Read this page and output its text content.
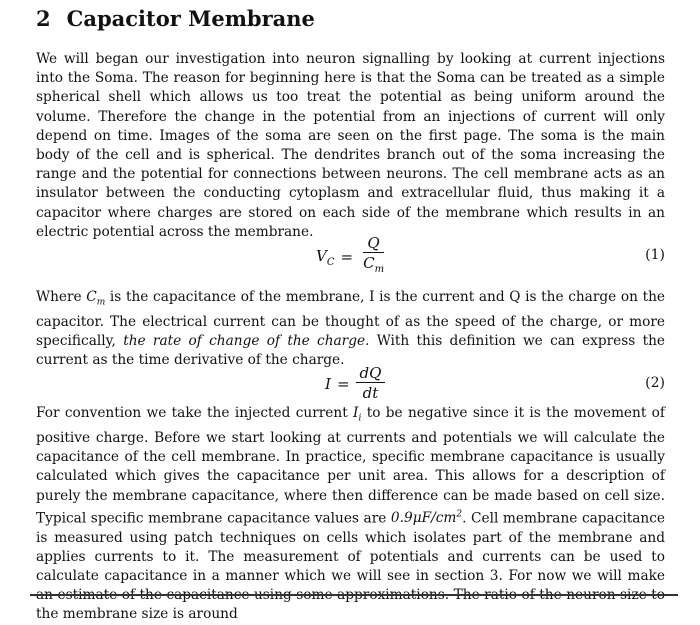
2 Capacitor Membrane

We will began our investigation into neuron signalling by looking at current injections into the Soma. The reason for beginning here is that the Soma can be treated as a simple spherical shell which allows us too treat the potential as being uniform around the volume. Therefore the change in the potential from an injections of current will only depend on time. Images of the soma are seen on the first page. The soma is the main body of the cell and is spherical. The dendrites branch out of the soma increasing the range and the potential for connections between neurons. The cell membrane acts as an insulator between the conducting cytoplasm and extracellular fluid, thus making it a capacitor where charges are stored on each side of the membrane which results in an electric potential across the membrane.

$V_C = \frac{Q}{C_m}$	(1)

Where $C_m$ is the capacitance of the membrane, I is the current and Q is the charge on the capacitor. The electrical current can be thought of as the speed of the charge, or more specifically, the rate of change of the charge. With this definition we can express the current as the time derivative of the charge.

$I = \frac{dQ}{dt}$	(2)

For convention we take the injected current $I_i$ to be negative since it is the movement of positive charge. Before we start looking at currents and potentials we will calculate the capacitance of the cell membrane. In practice, specific membrane capacitance is usually calculated which gives the capacitance per unit area. This allows for a description of purely the membrane capacitance, where then difference can be made based on cell size. Typical specific membrane capacitance values are $0.9\mu F/cm^2$. Cell membrane capacitance is measured using patch techniques on cells which isolates part of the membrane and applies currents to it. The measurement of potentials and currents can be used to calculate capacitance in a manner which we will see in section 3. For now we will make the membrane size is around
